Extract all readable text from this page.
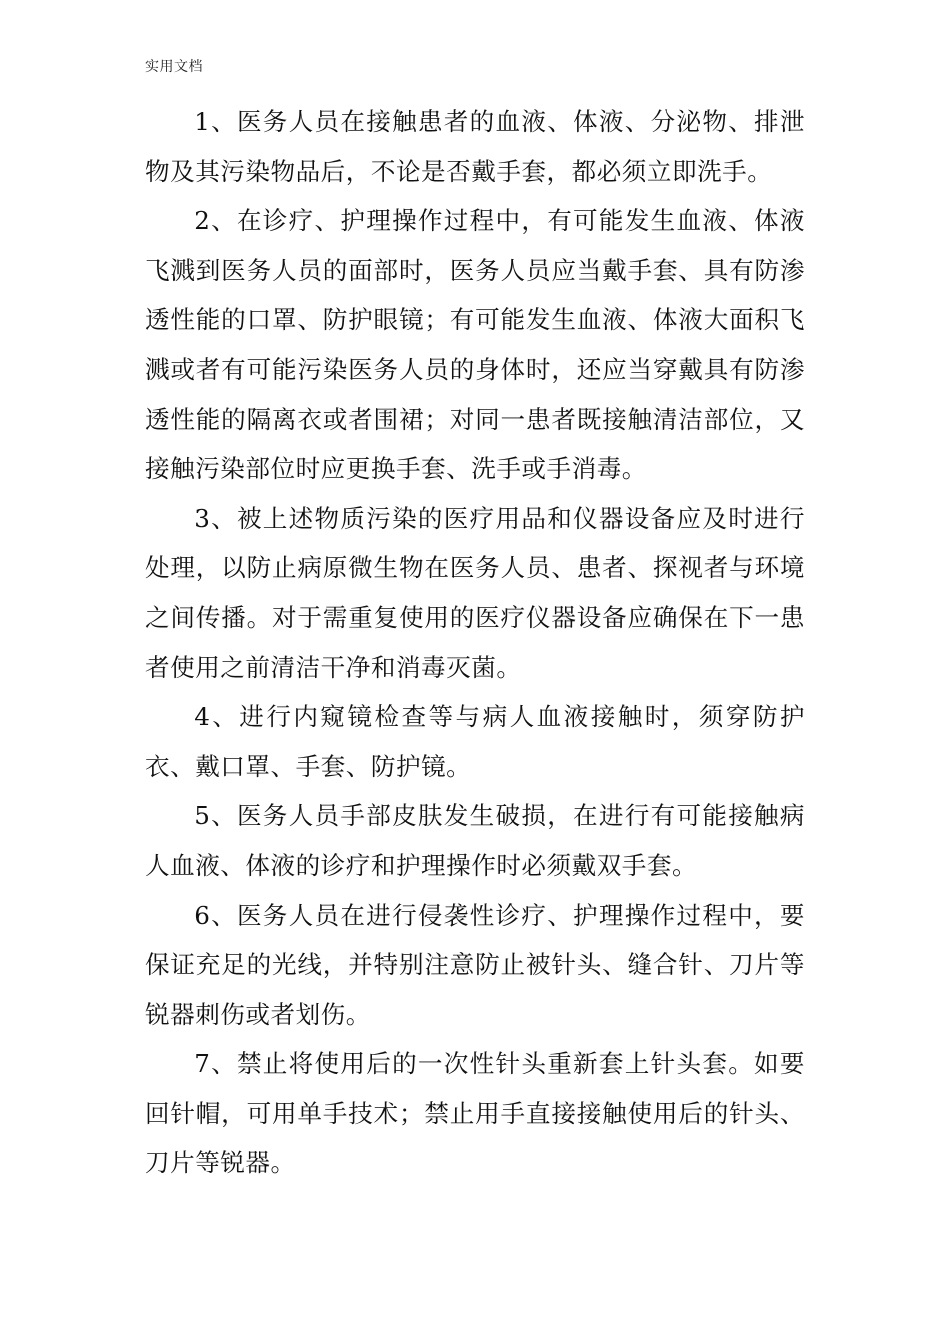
实用文档

1、医务人员在接触患者的血液、体液、分泌物、排泄物及其污染物品后，不论是否戴手套，都必须立即洗手。

2、在诊疗、护理操作过程中，有可能发生血液、体液飞溅到医务人员的面部时，医务人员应当戴手套、具有防渗透性能的口罩、防护眼镜；有可能发生血液、体液大面积飞溅或者有可能污染医务人员的身体时，还应当穿戴具有防渗透性能的隔离衣或者围裙；对同一患者既接触清洁部位，又接触污染部位时应更换手套、洗手或手消毒。

3、被上述物质污染的医疗用品和仪器设备应及时进行处理，以防止病原微生物在医务人员、患者、探视者与环境之间传播。对于需重复使用的医疗仪器设备应确保在下一患者使用之前清洁干净和消毒灭菌。

4、进行内窥镜检查等与病人血液接触时，须穿防护衣、戴口罩、手套、防护镜。

5、医务人员手部皮肤发生破损，在进行有可能接触病人血液、体液的诊疗和护理操作时必须戴双手套。

6、医务人员在进行侵袭性诊疗、护理操作过程中，要保证充足的光线，并特别注意防止被针头、缝合针、刀片等锐器刺伤或者划伤。

7、禁止将使用后的一次性针头重新套上针头套。如要回针帽，可用单手技术；禁止用手直接接触使用后的针头、刀片等锐器。
